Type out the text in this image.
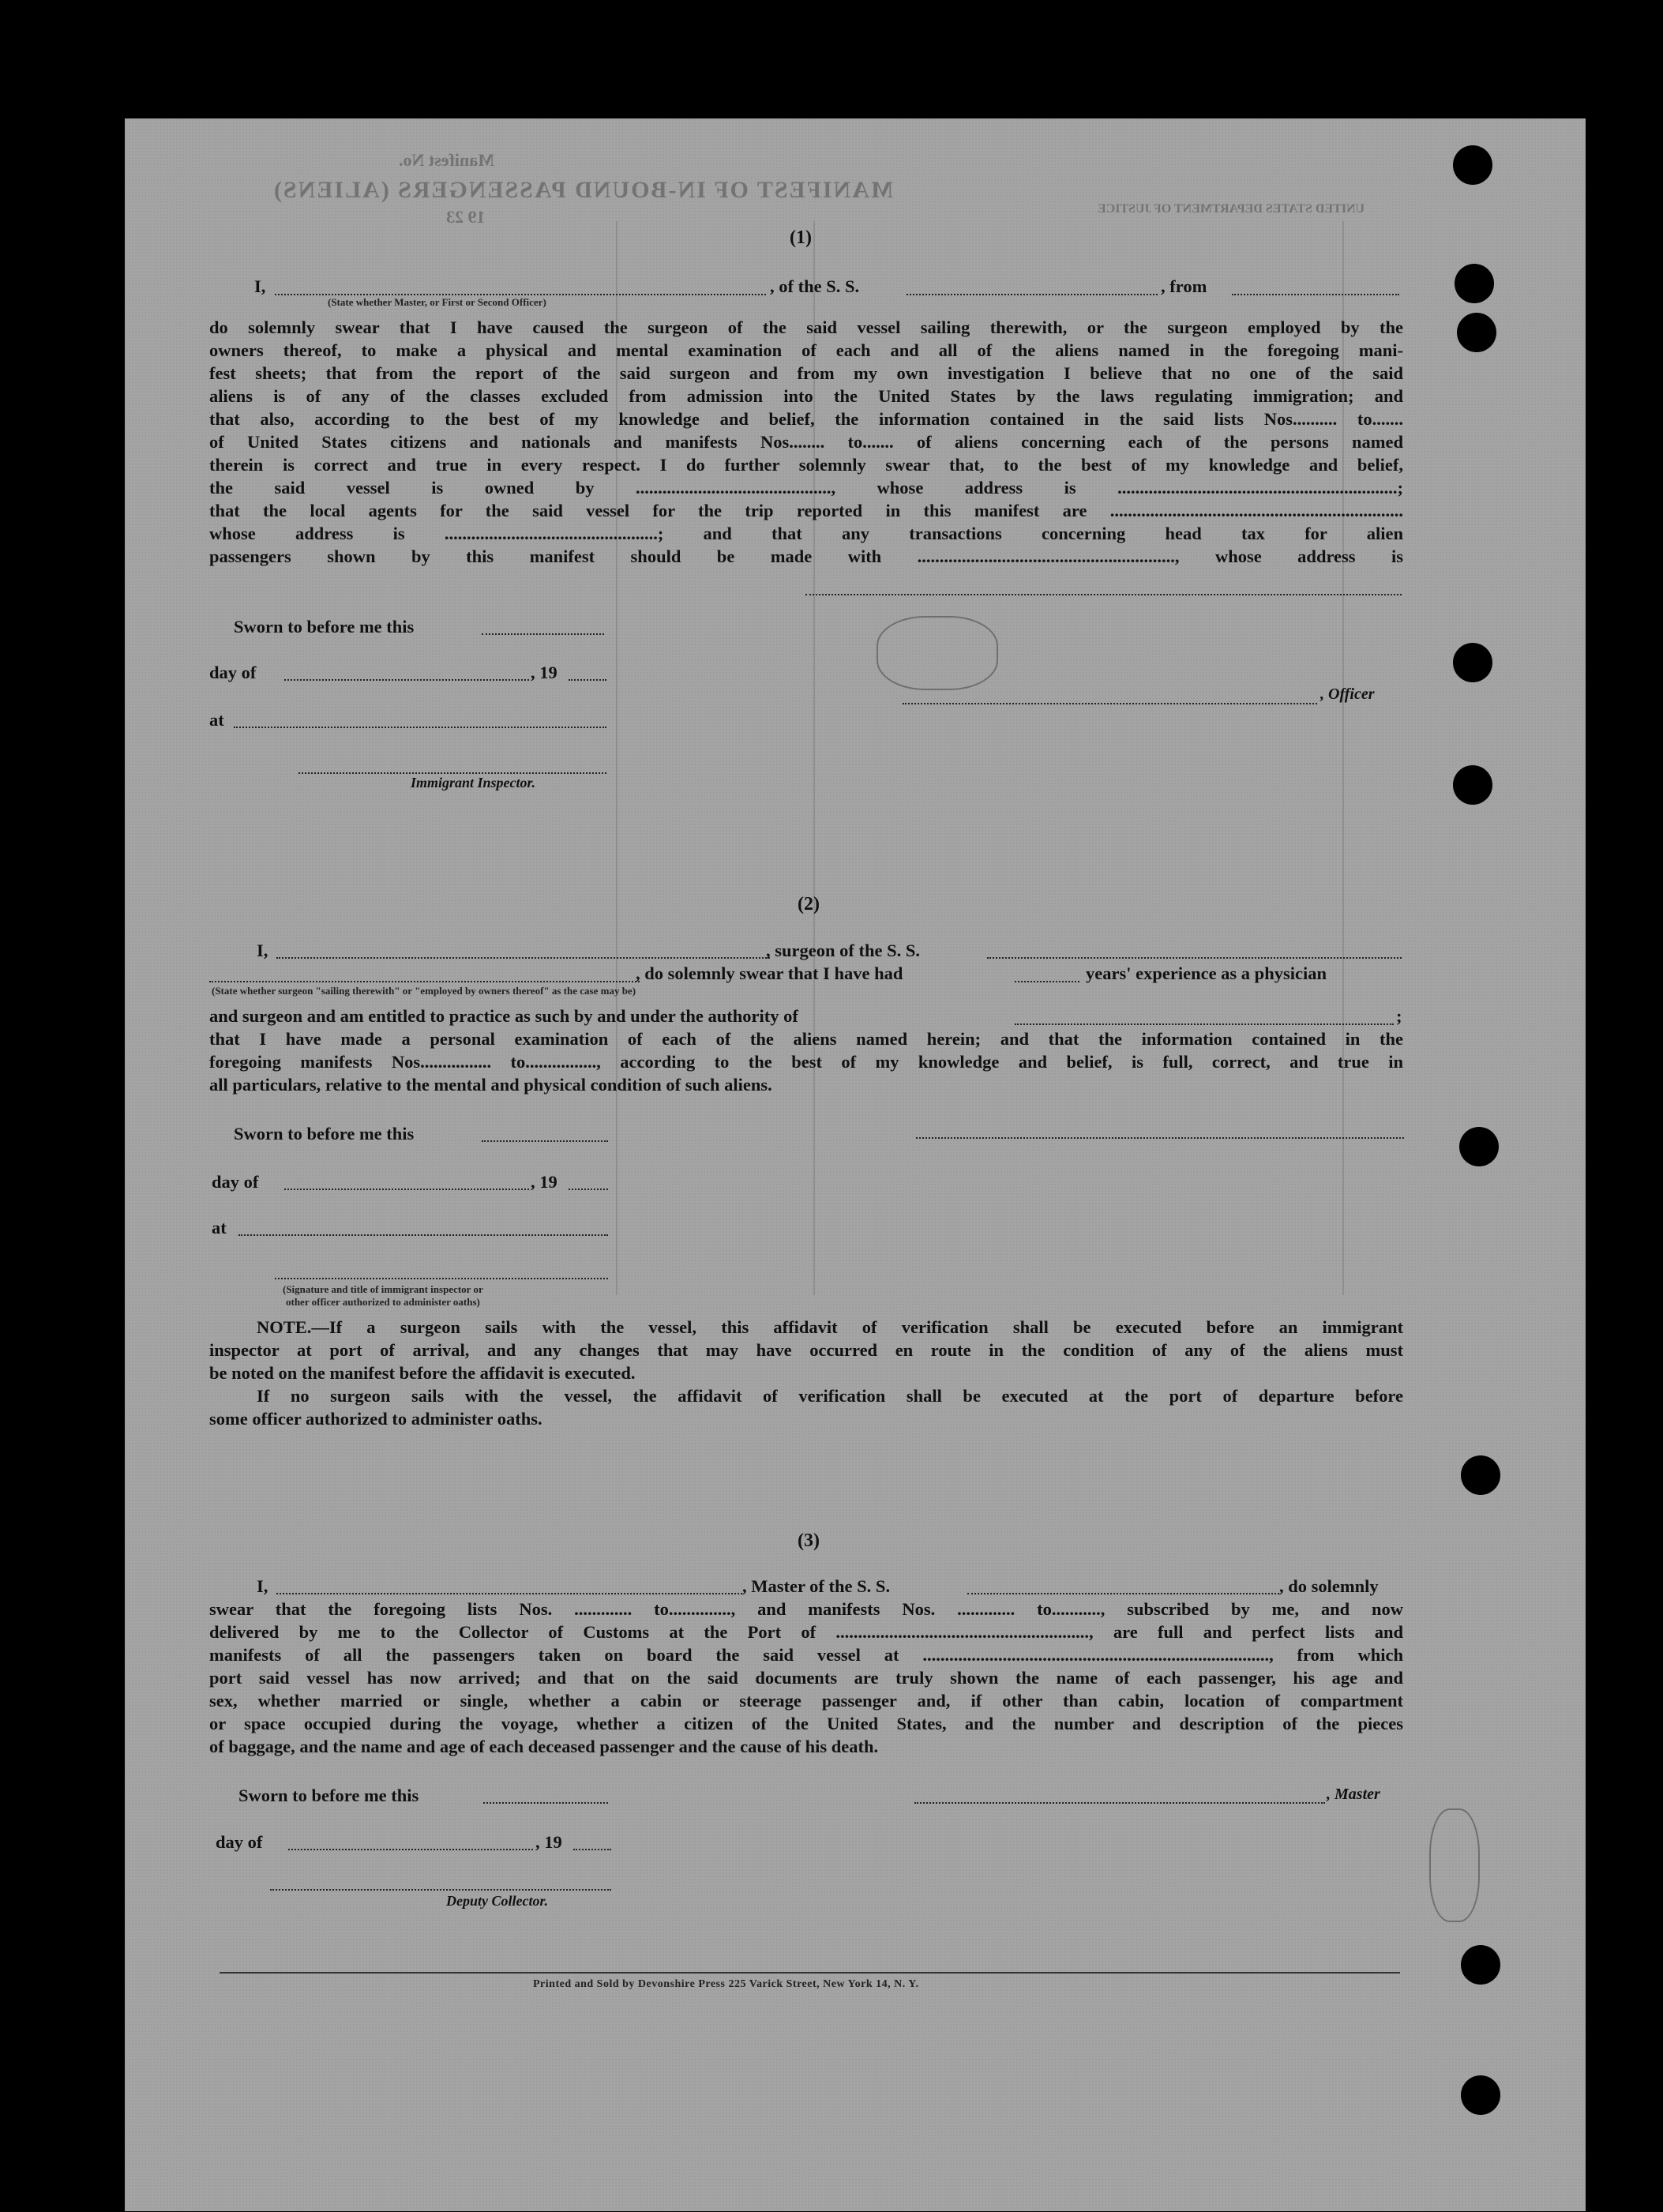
Manifest No.
MANIFEST OF IN-BOUND PASSENGERS (ALIENS)
UNITED STATES DEPARTMENT OF JUSTICE
19 23
(1)
I,	, of the S. S.	, from
(State whether Master, or First or Second Officer)
do solemnly swear that I have caused the surgeon of the said vessel sailing therewith, or the surgeon employed by the
owners thereof, to make a physical and mental examination of each and all of the aliens named in the foregoing mani-
fest sheets; that from the report of the said surgeon and from my own investigation I believe that no one of the said
aliens is of any of the classes excluded from admission into the United States by the laws regulating immigration; and
that also, according to the best of my knowledge and belief, the information contained in the said lists Nos.......... to.......
of United States citizens and nationals and manifests Nos........ to....... of aliens concerning each of the persons named
therein is correct and true in every respect. I do further solemnly swear that, to the best of my knowledge and belief,
the said vessel is owned by ............................................, whose address is ...............................................................;
that the local agents for the said vessel for the trip reported in this manifest are ..................................................................
whose address is ................................................; and that any transactions concerning head tax for alien
passengers shown by this manifest should be made with .........................................................., whose address is
Sworn to before me this
day of	, 19
at
, Officer
Immigrant Inspector.
(2)
I,	, surgeon of the S. S.
, do solemnly swear that I have had	years' experience as a physician
(State whether surgeon "sailing therewith" or "employed by owners thereof" as the case may be)
and surgeon and am entitled to practice as such by and under the authority of	;
that I have made a personal examination of each of the aliens named herein; and that the information contained in the
foregoing manifests Nos................ to................, according to the best of my knowledge and belief, is full, correct, and true in
all particulars, relative to the mental and physical condition of such aliens.
Sworn to before me this
day of	, 19
at
(Signature and title of immigrant inspector or
other officer authorized to administer oaths)
NOTE.—If a surgeon sails with the vessel, this affidavit of verification shall be executed before an immigrant
inspector at port of arrival, and any changes that may have occurred en route in the condition of any of the aliens must
be noted on the manifest before the affidavit is executed.
If no surgeon sails with the vessel, the affidavit of verification shall be executed at the port of departure before
some officer authorized to administer oaths.
(3)
I,	, Master of the S. S.	, do solemnly
swear that the foregoing lists Nos. ............. to.............., and manifests Nos. ............. to..........., subscribed by me, and now
delivered by me to the Collector of Customs at the Port of ........................................................., are full and perfect lists and
manifests of all the passengers taken on board the said vessel at .............................................................................., from which
port said vessel has now arrived; and that on the said documents are truly shown the name of each passenger, his age and
sex, whether married or single, whether a cabin or steerage passenger and, if other than cabin, location of compartment
or space occupied during the voyage, whether a citizen of the United States, and the number and description of the pieces
of baggage, and the name and age of each deceased passenger and the cause of his death.
Sworn to before me this	, Master
day of	, 19
Deputy Collector.
Printed and Sold by Devonshire Press 225 Varick Street, New York 14, N. Y.
